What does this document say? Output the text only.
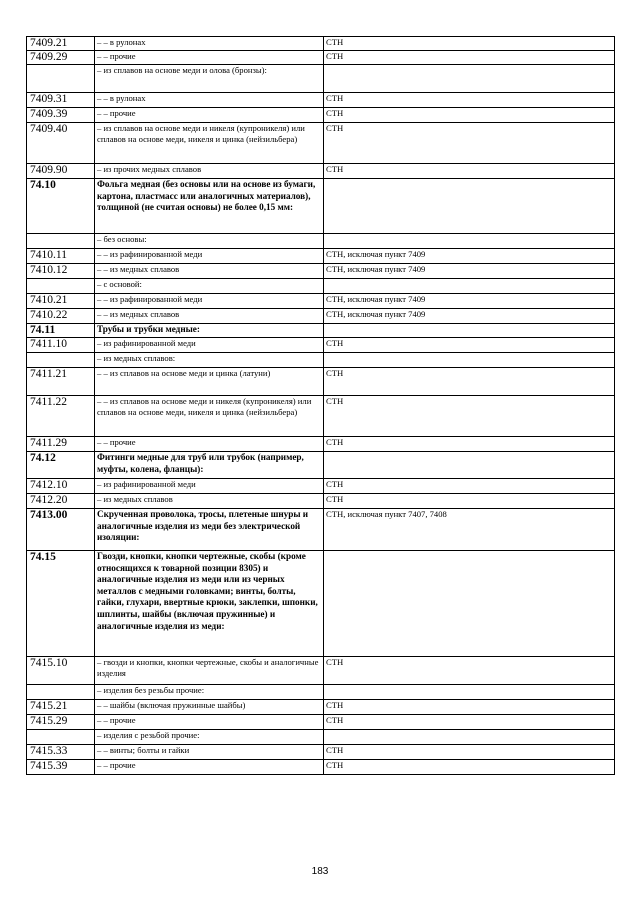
7409.21	– – в рулонах	СТН
7409.29	– – прочие	СТН
	– из сплавов на основе меди и олова (бронзы):	
7409.31	– – в рулонах	СТН
7409.39	– – прочие	СТН
7409.40	– из сплавов на основе меди и никеля (купроникеля) или сплавов на основе меди, никеля и цинка (нейзильбера)	СТН
7409.90	– из прочих медных сплавов	СТН
74.10	Фольга медная (без основы или на основе из бумаги, картона, пластмасс или аналогичных материалов), толщиной (не считая основы) не более 0,15 мм:	
	– без основы:	
7410.11	– – из рафинированной меди	СТН, исключая пункт 7409
7410.12	– – из медных сплавов	СТН, исключая пункт 7409
	– с основой:	
7410.21	– – из рафинированной меди	СТН, исключая пункт 7409
7410.22	– – из медных сплавов	СТН, исключая пункт 7409
74.11	Трубы и трубки медные:	
7411.10	– из рафинированной меди	СТН
	– из медных сплавов:	
7411.21	– – из сплавов на основе меди и цинка (латуни)	СТН
7411.22	– – из сплавов на основе меди и никеля (купроникеля) или сплавов на основе меди, никеля и цинка (нейзильбера)	СТН
7411.29	– – прочие	СТН
74.12	Фитинги медные для труб или трубок (например, муфты, колена, фланцы):	
7412.10	– из рафинированной меди	СТН
7412.20	– из медных сплавов	СТН
7413.00	Скрученная проволока, тросы, плетеные шнуры и аналогичные изделия из меди без электрической изоляции:	СТН, исключая пункт 7407, 7408
74.15	Гвозди, кнопки, кнопки чертежные, скобы (кроме относящихся к товарной позиции 8305) и аналогичные изделия из меди или из черных металлов с медными головками; винты, болты, гайки, глухари, ввертные крюки, заклепки, шпонки, шплинты, шайбы (включая пружинные) и аналогичные изделия из меди:	
7415.10	– гвозди и кнопки, кнопки чертежные, скобы и аналогичные изделия	СТН
	– изделия без резьбы прочие:	
7415.21	– – шайбы (включая пружинные шайбы)	СТН
7415.29	– – прочие	СТН
	– изделия с резьбой прочие:	
7415.33	– – винты; болты и гайки	СТН
7415.39	– – прочие	СТН
183
